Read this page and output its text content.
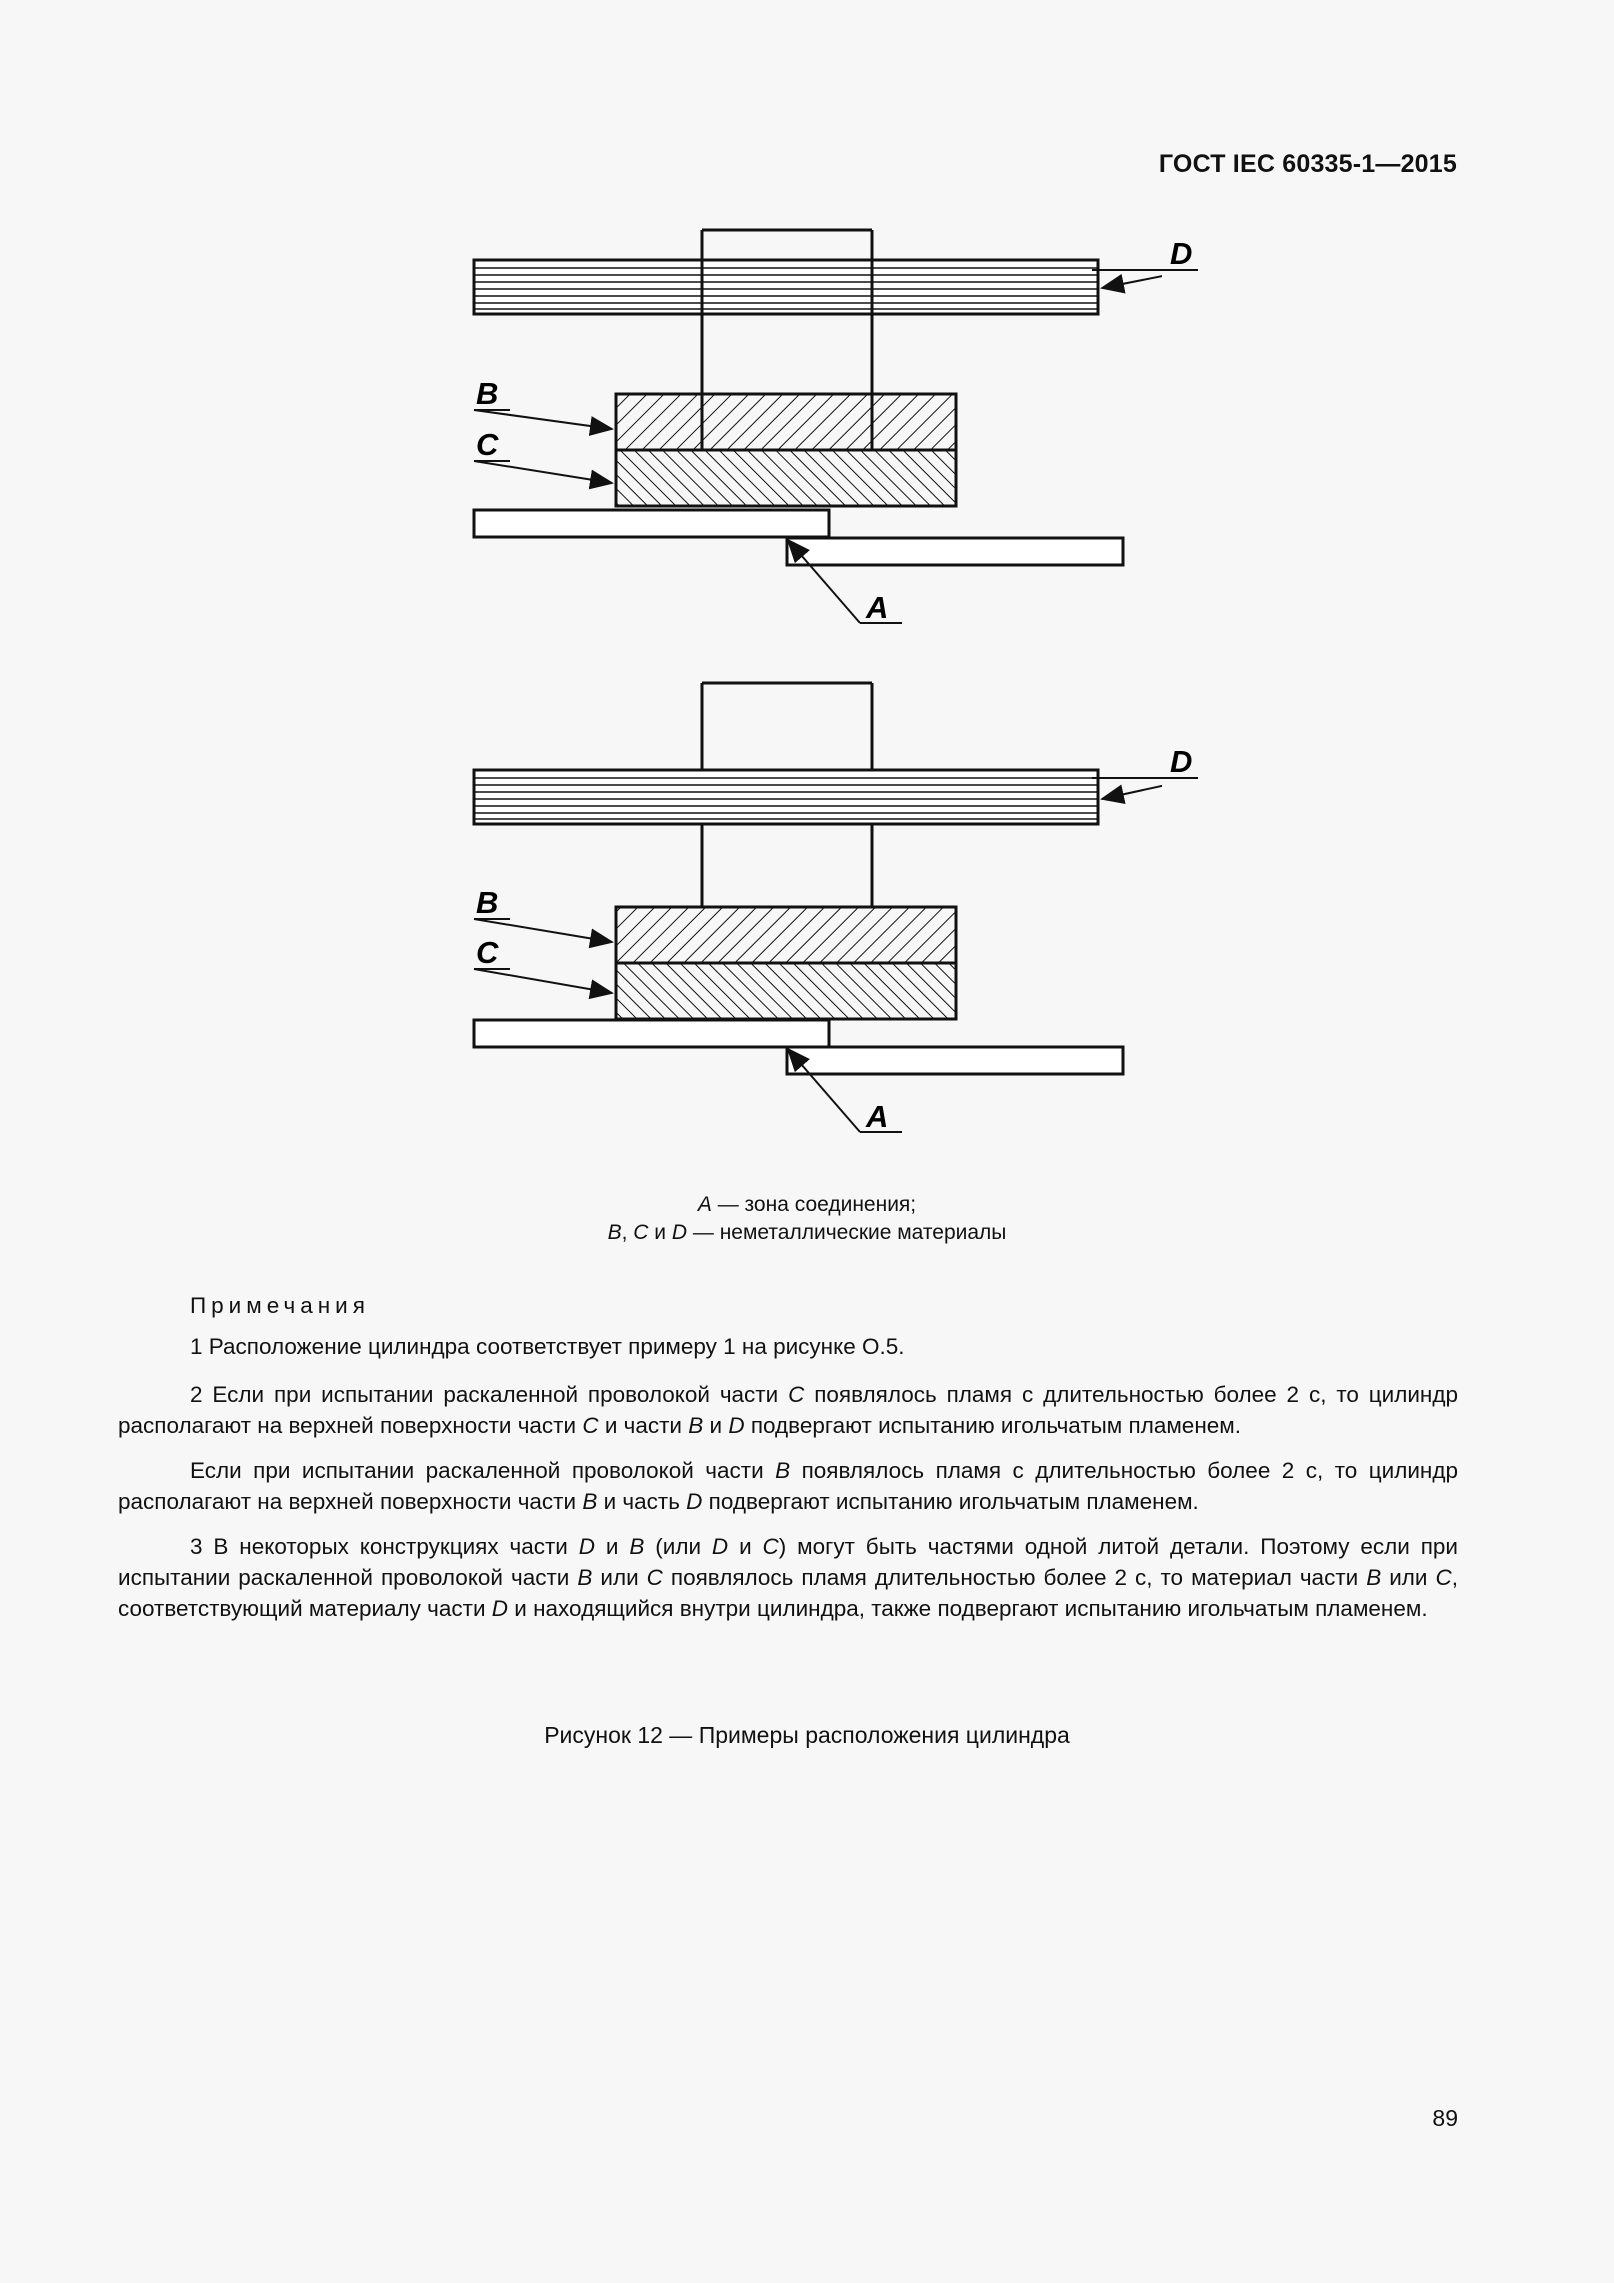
ГОСТ IEC 60335-1—2015
B
C
A
D
B
C
A
D
A — зона соединения;
B, C и D — неметаллические материалы
Примечания
1 Расположение цилиндра соответствует примеру 1 на рисунке О.5.
2 Если при испытании раскаленной проволокой части C появлялось пламя с длительностью более 2 с, то цилиндр располагают на верхней поверхности части C и части B и D подвергают испытанию игольчатым пламенем.
Если при испытании раскаленной проволокой части B появлялось пламя с длительностью более 2 с, то цилиндр располагают на верхней поверхности части B и часть D подвергают испытанию игольчатым пламенем.
3 В некоторых конструкциях части D и B (или D и C) могут быть частями одной литой детали. Поэтому если при испытании раскаленной проволокой части B или C появлялось пламя длительностью более 2 с, то материал части B или C, соответствующий материалу части D и находящийся внутри цилиндра, также подвергают испытанию игольчатым пламенем.
Рисунок 12 — Примеры расположения цилиндра
89
